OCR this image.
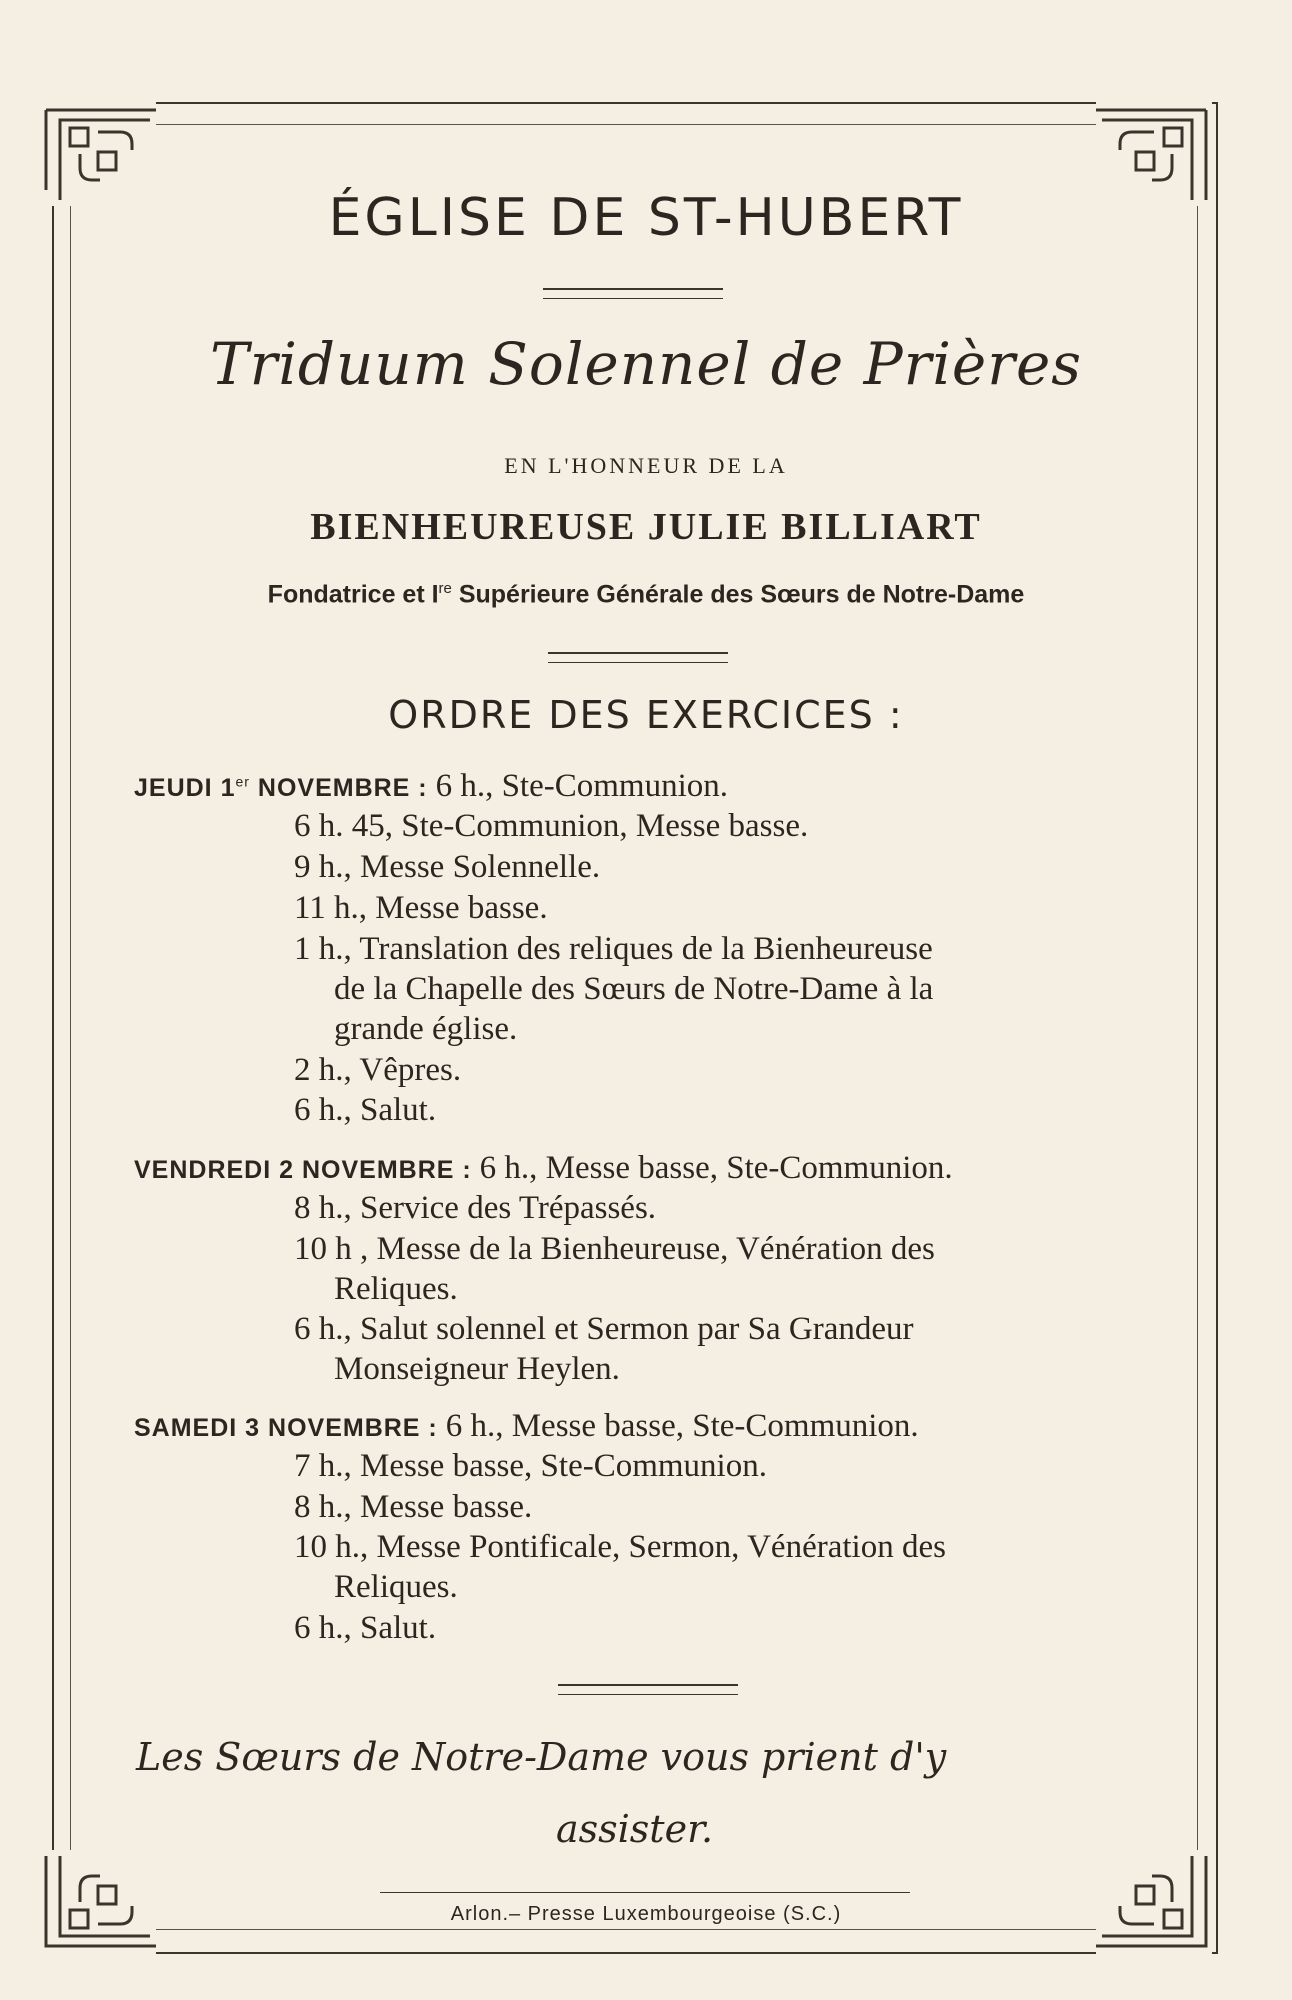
ÉGLISE DE ST-HUBERT
Triduum Solennel de Prières
EN L'HONNEUR DE LA
BIENHEUREUSE JULIE BILLIART
Fondatrice et Ire Supérieure Générale des Sœurs de Notre-Dame
ORDRE DES EXERCICES :
JEUDI 1er NOVEMBRE : 6 h., Ste-Communion.
6 h. 45, Ste-Communion, Messe basse.
9 h., Messe Solennelle.
11 h., Messe basse.
1 h., Translation des reliques de la Bienheureuse
de la Chapelle des Sœurs de Notre-Dame à la
grande église.
2 h., Vêpres.
6 h., Salut.
VENDREDI 2 NOVEMBRE : 6 h., Messe basse, Ste-Communion.
8 h., Service des Trépassés.
10 h , Messe de la Bienheureuse, Vénération des
Reliques.
6 h., Salut solennel et Sermon par Sa Grandeur
Monseigneur Heylen.
SAMEDI 3 NOVEMBRE : 6 h., Messe basse, Ste-Communion.
7 h., Messe basse, Ste-Communion.
8 h., Messe basse.
10 h., Messe Pontificale, Sermon, Vénération des
Reliques.
6 h., Salut.
Les Sœurs de Notre-Dame vous prient d'y
assister.
Arlon.– Presse Luxembourgeoise (S.C.)
